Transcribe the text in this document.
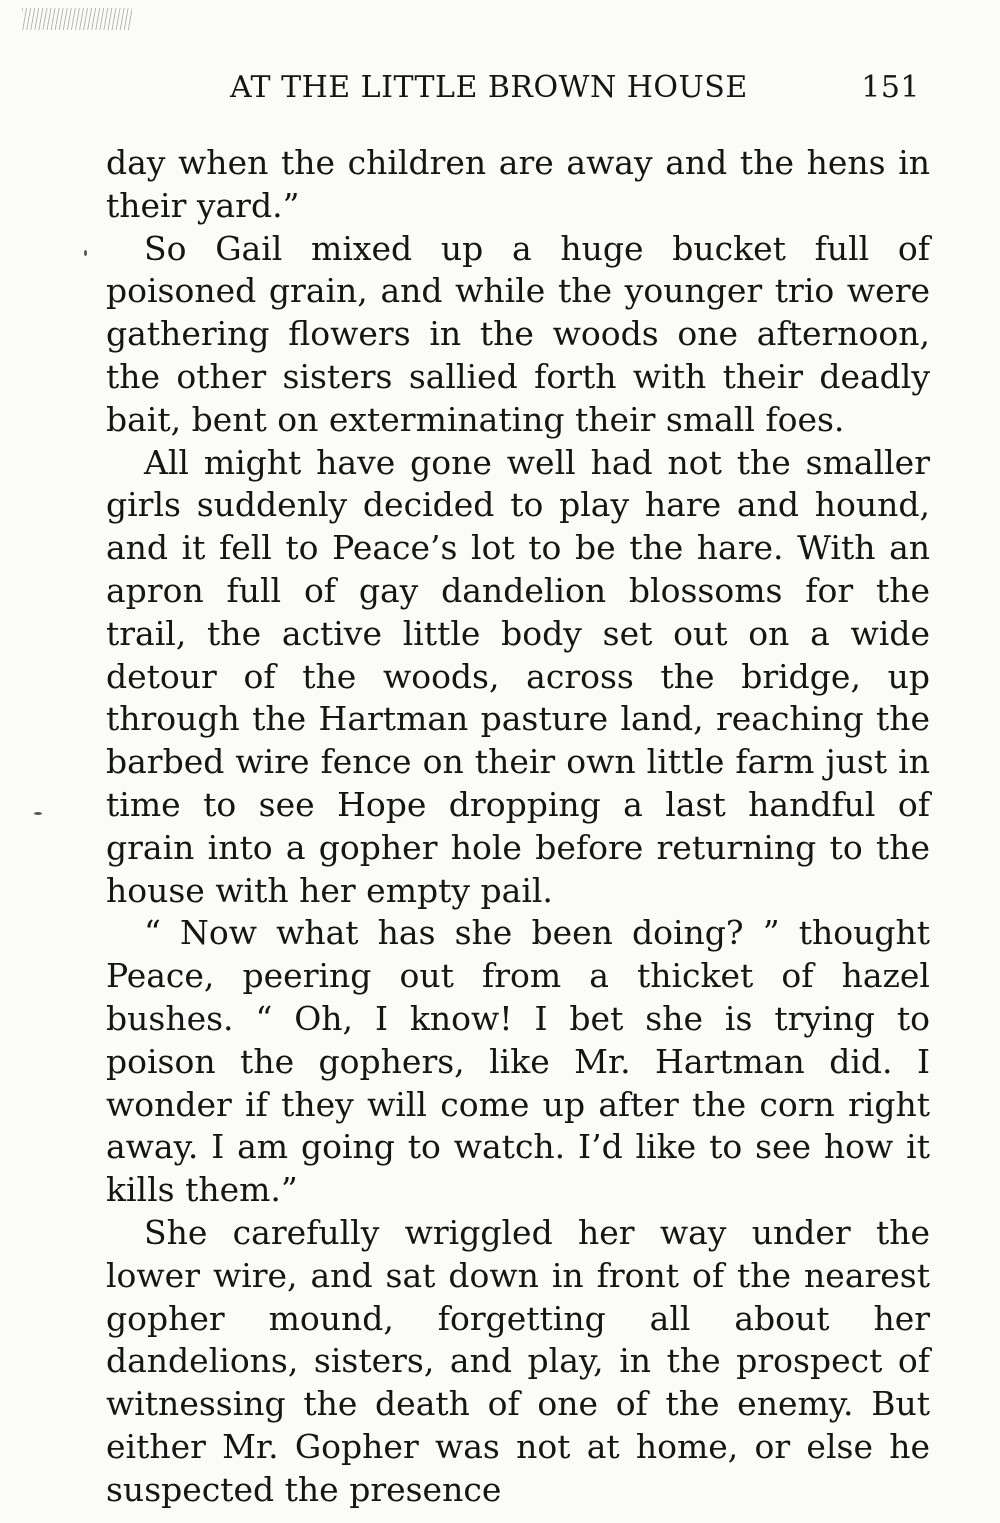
AT THE LITTLE BROWN HOUSE	151

day when the children are away and the hens in their yard.”

So Gail mixed up a huge bucket full of poisoned grain, and while the younger trio were gathering flowers in the woods one afternoon, the other sisters sallied forth with their deadly bait, bent on exterminating their small foes.

All might have gone well had not the smaller girls suddenly decided to play hare and hound, and it fell to Peace’s lot to be the hare. With an apron full of gay dandelion blossoms for the trail, the active little body set out on a wide detour of the woods, across the bridge, up through the Hartman pasture land, reaching the barbed wire fence on their own little farm just in time to see Hope dropping a last handful of grain into a gopher hole before returning to the house with her empty pail.

“ Now what has she been doing? ” thought Peace, peering out from a thicket of hazel bushes. “ Oh, I know! I bet she is trying to poison the gophers, like Mr. Hartman did. I wonder if they will come up after the corn right away. I am going to watch. I’d like to see how it kills them.”

She carefully wriggled her way under the lower wire, and sat down in front of the nearest gopher mound, forgetting all about her dandelions, sisters, and play, in the prospect of witnessing the death of one of the enemy. But either Mr. Gopher was not at home, or else he suspected the presence
